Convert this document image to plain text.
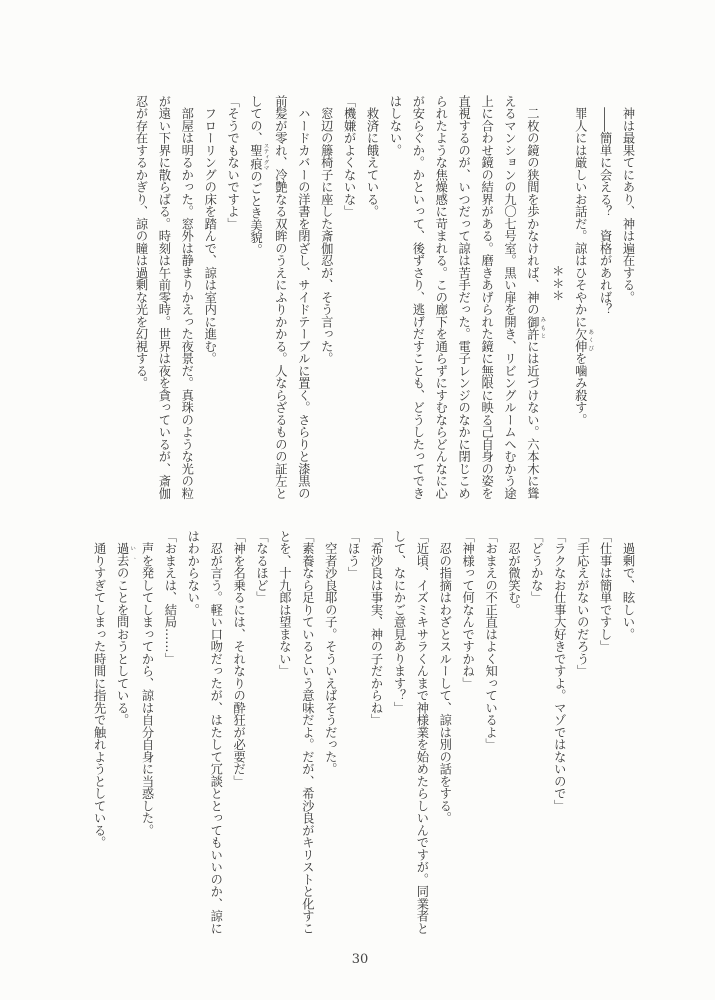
　神は最果てにあり、神は遍在する。
　――簡単に会える？　資格があれば？
　罪人には厳しいお話だ。諒はひそやかに欠伸 あくびを噛み殺す。
＊＊＊
　二枚の鏡の狭間を歩かなければ、神の御許 みもとには近づけない。六本木に聳
えるマンションの九〇七号室。黒い扉を開き、リビングルームへむかう途
上に合わせ鏡の結界がある。磨きあげられた鏡に無限に映る己自身の姿を
直視するのが、いつだって諒は苦手だった。電子レンジのなかに閉じこめ
られたような焦燥感に苛まれる。この廊下を通らずにすむならどんなに心
が安らぐか。かといって、後ずさり、逃げだすことも、どうしたってでき
はしない。
　救済に餓えている。
「機嫌がよくないな」
　窓辺の籐椅子に座した斎伽忍が、そう言った。
　ハードカバーの洋書を閉ざし、サイドテーブルに置く。さらりと漆黒の
前髪が零れ、冷艶なる双眸のうえにふりかかる。人ならざるものの証左と
しての、聖痕 スティグマのごとき美貌。
「そうでもないですよ」
　フローリングの床を踏んで、諒は室内に進む。
　部屋は明るかった。窓外は静まりかえった夜景だ。真珠のような光の粒
が遠い下界に散らばる。時刻は午前零時。世界は夜を貪っているが、斎伽
忍が存在するかぎり、諒の瞳は過剰な光を幻視する。
　過剰で、眩しい。
「仕事は簡単ですし」
「手応えがないのだろう」
「ラクなお仕事大好きですよ。マゾではないので」
「どうかな」
　忍が微笑む。
「おまえの不正直はよく知っているよ」
「神様って何なんですかね」
　忍の指摘はわざとスルーして、諒は別の話をする。
「近頃、イズミキサラくんまで神様業を始めたらしいんですが。同業者と
して、なにかご意見あります？」
「希沙良は事実、神の子だからね」
「ほう」
　空者沙良耶の子。そういえばそうだった。
「素養なら足りているという意味だよ。だが、希沙良がキリストと化すこ
とを、十九郎は望まない」
「なるほど」
「神を名乗るには、それなりの酔狂が必要だ」
　忍が言う。軽い口吻だったが、はたして冗談ととってもいいのか、諒に
はわからない。
「おまえは、結局……」
　声を発してしまってから、諒は自分自身に当惑した。
　過去 い、のことを問おうとしている。
　通りすぎてしまった時間に指先で触れようとしている。
30
